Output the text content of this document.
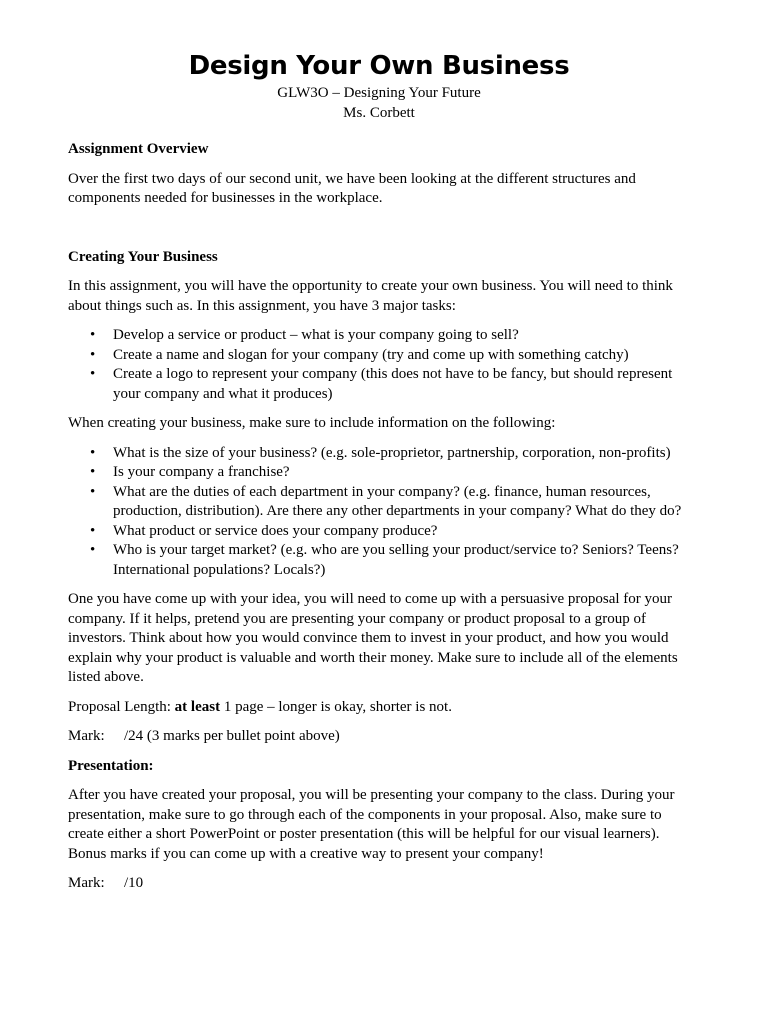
Design Your Own Business

GLW3O – Designing Your Future

Ms. Corbett

Assignment Overview

Over the first two days of our second unit, we have been looking at the different structures and components needed for businesses in the workplace.

Creating Your Business

In this assignment, you will have the opportunity to create your own business. You will need to think about things such as. In this assignment, you have 3 major tasks:

• Develop a service or product – what is your company going to sell?
• Create a name and slogan for your company (try and come up with something catchy)
• Create a logo to represent your company (this does not have to be fancy, but should represent your company and what it produces)

When creating your business, make sure to include information on the following:

• What is the size of your business? (e.g. sole-proprietor, partnership, corporation, non-profits)
• Is your company a franchise?
• What are the duties of each department in your company? (e.g. finance, human resources, production, distribution). Are there any other departments in your company? What do they do?
• What product or service does your company produce?
• Who is your target market? (e.g. who are you selling your product/service to? Seniors? Teens? International populations? Locals?)

One you have come up with your idea, you will need to come up with a persuasive proposal for your company. If it helps, pretend you are presenting your company or product proposal to a group of investors. Think about how you would convince them to invest in your product, and how you would explain why your product is valuable and worth their money. Make sure to include all of the elements listed above.

Proposal Length: at least 1 page – longer is okay, shorter is not.

Mark: /24 (3 marks per bullet point above)

Presentation:

After you have created your proposal, you will be presenting your company to the class. During your presentation, make sure to go through each of the components in your proposal. Also, make sure to create either a short PowerPoint or poster presentation (this will be helpful for our visual learners). Bonus marks if you can come up with a creative way to present your company!

Mark: /10
